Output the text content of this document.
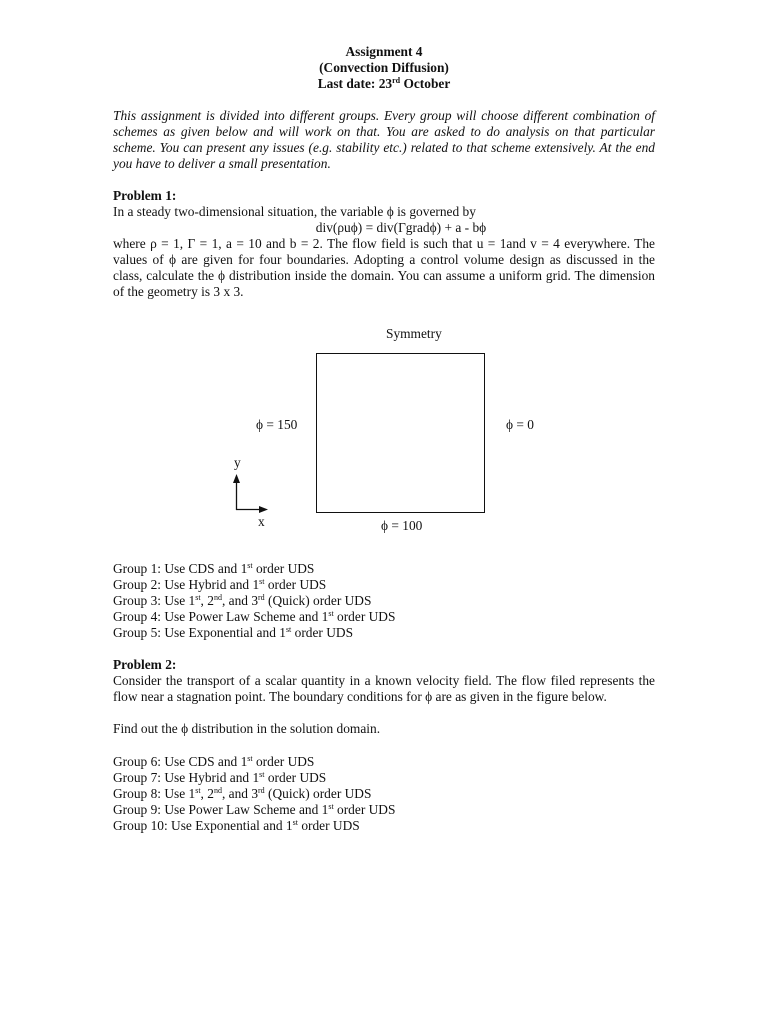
Assignment 4
(Convection Diffusion)
Last date: 23rd October
This assignment is divided into different groups. Every group will choose different combination of schemes as given below and will work on that. You are asked to do analysis on that particular scheme. You can present any issues (e.g. stability etc.) related to that scheme extensively. At the end you have to deliver a small presentation.
Problem 1:
In a steady two-dimensional situation, the variable ϕ is governed by
div(ρuϕ) = div(Γgradϕ) + a - bϕ
where ρ = 1, Γ = 1, a = 10 and b = 2. The flow field is such that u = 1and v = 4 everywhere. The values of ϕ are given for four boundaries. Adopting a control volume design as discussed in the class, calculate the ϕ distribution inside the domain. You can assume a uniform grid. The dimension of the geometry is 3 x 3.
Symmetry
ϕ = 150	ϕ = 0
ϕ = 100
y
x
Group 1: Use CDS and 1st order UDS
Group 2: Use Hybrid and 1st order UDS
Group 3: Use 1st, 2nd, and 3rd (Quick) order UDS
Group 4: Use Power Law Scheme and 1st order UDS
Group 5: Use Exponential and 1st order UDS
Problem 2:
Consider the transport of a scalar quantity in a known velocity field. The flow filed represents the flow near a stagnation point. The boundary conditions for ϕ are as given in the figure below.
Find out the ϕ distribution in the solution domain.
Group 6: Use CDS and 1st order UDS
Group 7: Use Hybrid and 1st order UDS
Group 8: Use 1st, 2nd, and 3rd (Quick) order UDS
Group 9: Use Power Law Scheme and 1st order UDS
Group 10: Use Exponential and 1st order UDS
